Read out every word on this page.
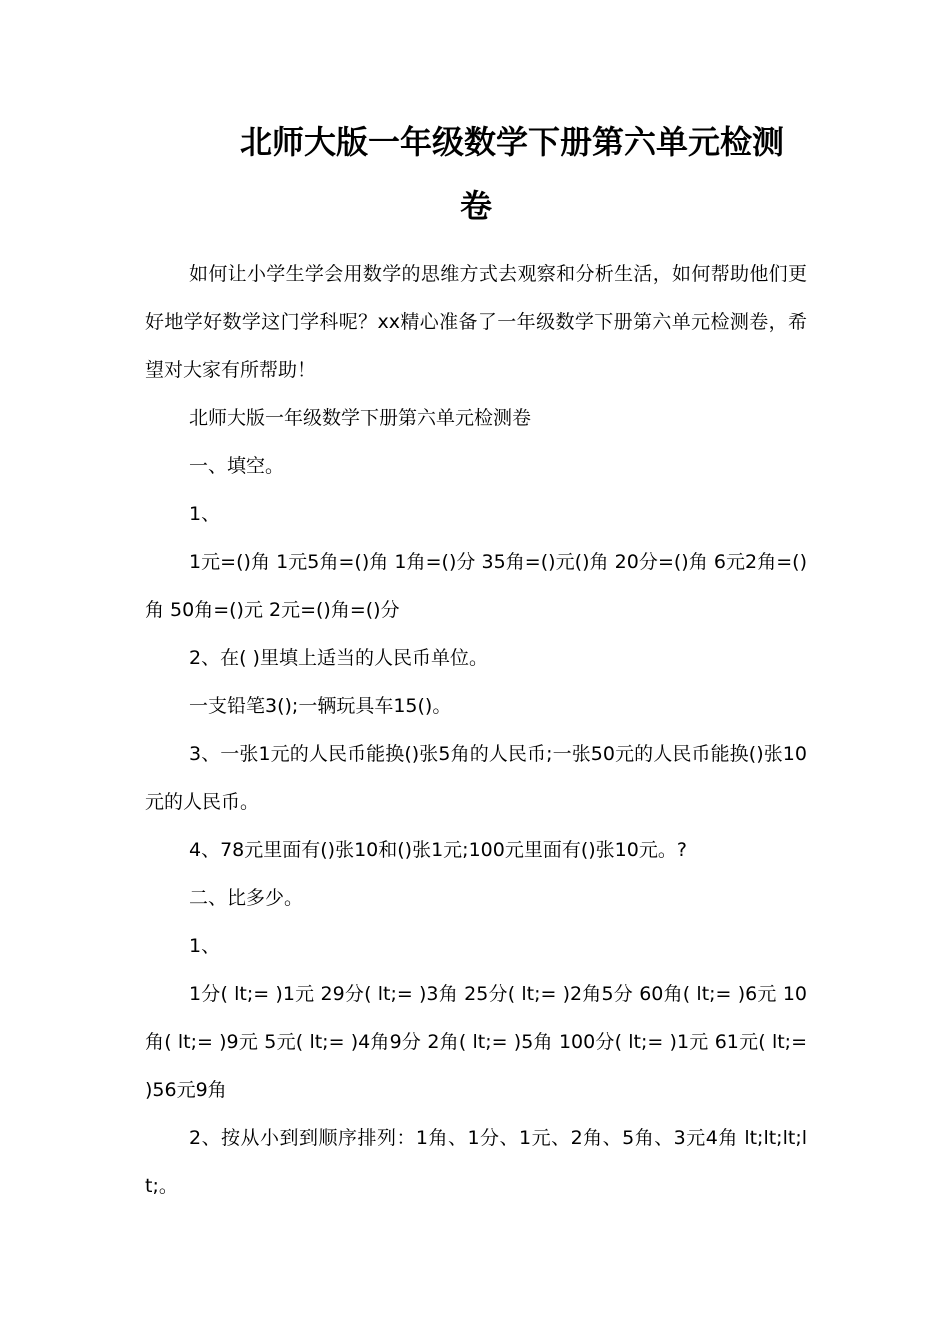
北师大版一年级数学下册第六单元检测
卷

如何让小学生学会用数学的思维方式去观察和分析生活，如何帮助他们更好地学好数学这门学科呢？xx精心准备了一年级数学下册第六单元检测卷，希望对大家有所帮助！

北师大版一年级数学下册第六单元检测卷

一、填空。

1、

1元=()角 1元5角=()角 1角=()分 35角=()元()角 20分=()角 6元2角=()角 50角=()元 2元=()角=()分

2、在( )里填上适当的人民币单位。

一支铅笔3();一辆玩具车15()。

3、一张1元的人民币能换()张5角的人民币;一张50元的人民币能换()张10元的人民币。

4、78元里面有()张10和()张1元;100元里面有()张10元。?

二、比多少。

1、

1分( lt;= )1元 29分( lt;= )3角 25分( lt;= )2角5分 60角( lt;= )6元 10角( lt;= )9元 5元( lt;= )4角9分 2角( lt;= )5角 100分( lt;= )1元 61元( lt;= )56元9角

2、按从小到到顺序排列：1角、1分、1元、2角、5角、3元4角 lt;lt;lt;lt;。
